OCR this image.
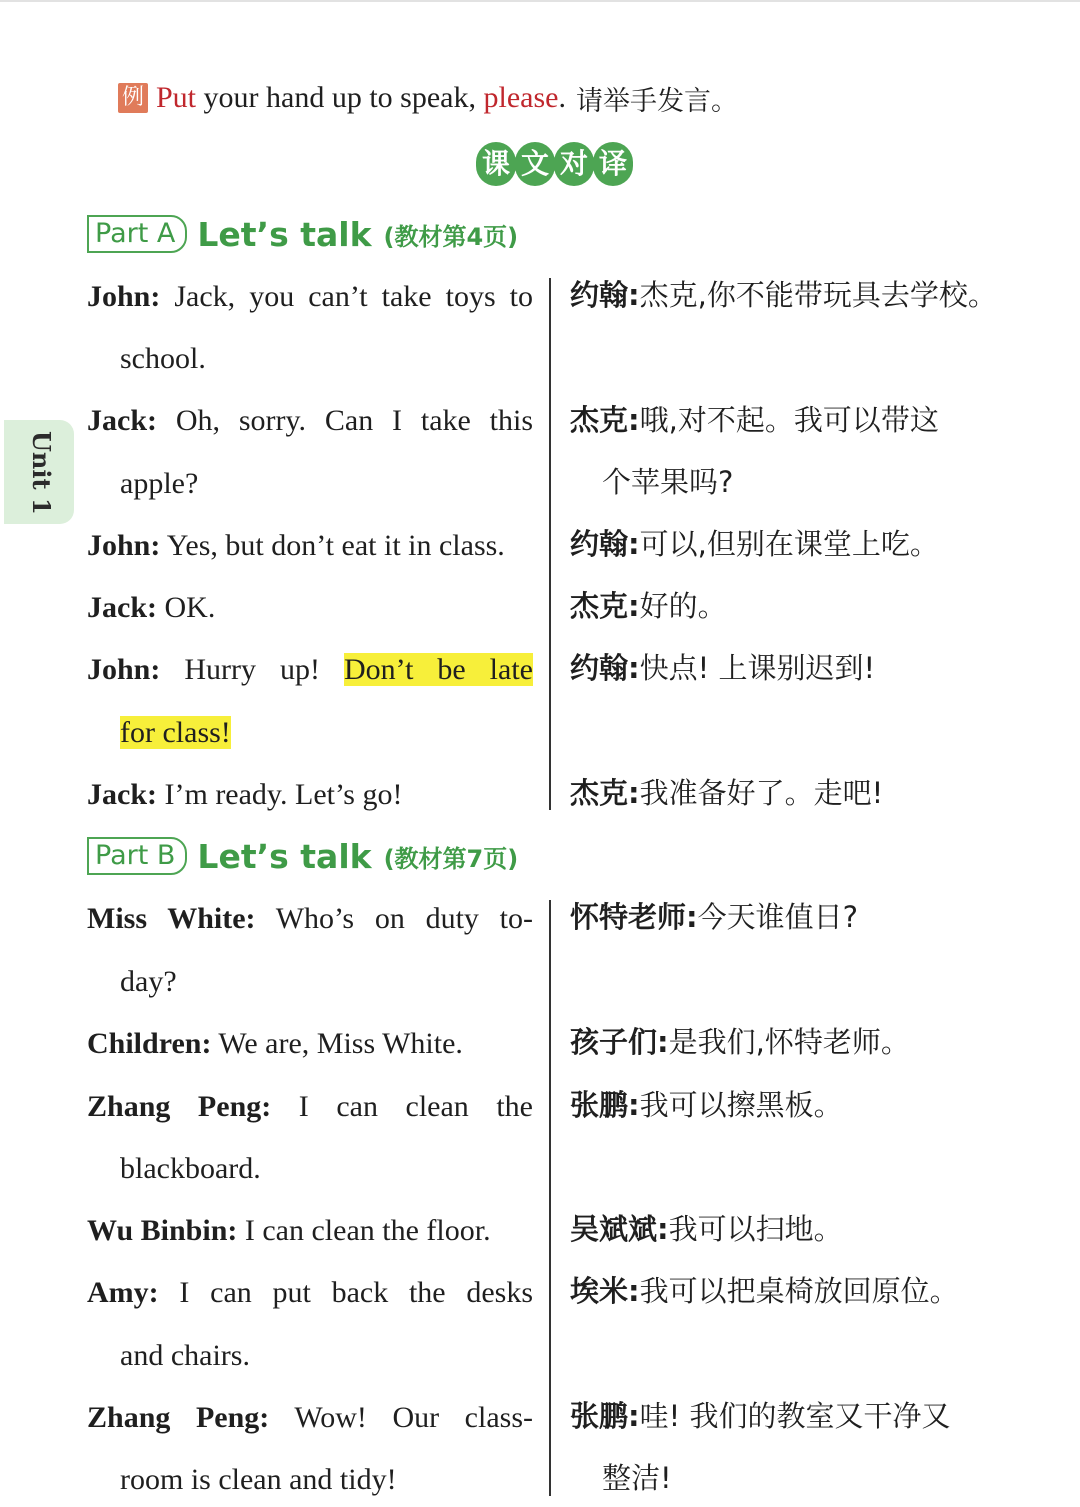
例 Put your hand up to speak, please . 请举手发言。
课 文 对 译
Unit 1
Part A Let’s talk (教材第4页)
John: Jack, you can’t take toys to
school.
Jack: Oh, sorry. Can I take this
apple?
John: Yes, but don’t eat it in class.
Jack: OK.
John: Hurry up! Don’t be late
for class!
Jack: I’m ready. Let’s go!
约翰:杰克,你不能带玩具去学校。
杰克:哦,对不起。我可以带这
个苹果吗?
约翰:可以,但别在课堂上吃。
杰克:好的。
约翰:快点! 上课别迟到!
杰克:我准备好了。走吧!
Part B Let’s talk (教材第7页)
Miss White: Who’s on duty to-
day?
Children: We are, Miss White.
Zhang Peng: I can clean the
blackboard.
Wu Binbin: I can clean the floor.
Amy: I can put back the desks
and chairs.
Zhang Peng: Wow! Our class-
room is clean and tidy!
怀特老师:今天谁值日?
孩子们:是我们,怀特老师。
张鹏:我可以擦黑板。
吴斌斌:我可以扫地。
埃米:我可以把桌椅放回原位。
张鹏:哇! 我们的教室又干净又
整洁!
